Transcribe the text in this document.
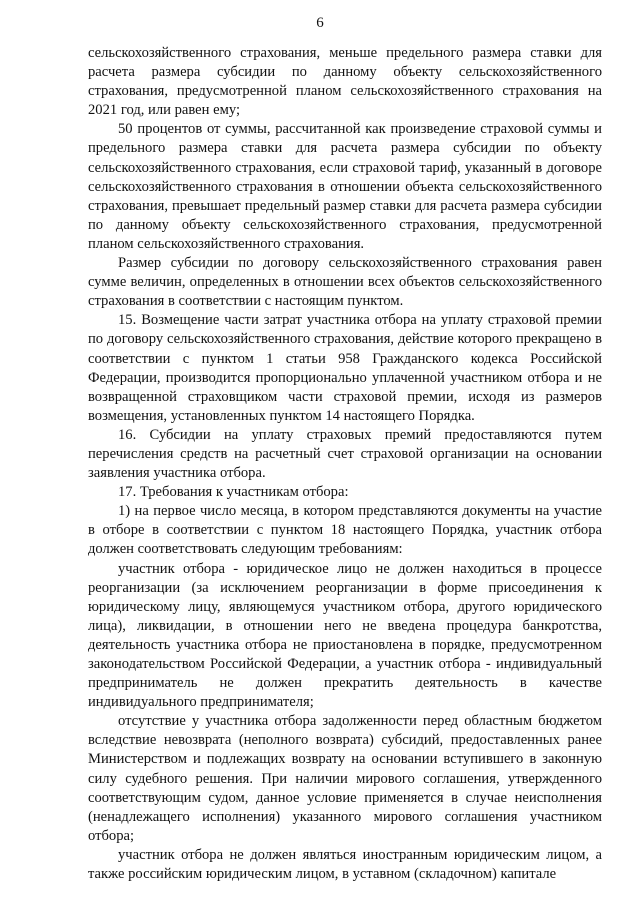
6

сельскохозяйственного страхования, меньше предельного размера ставки для расчета размера субсидии по данному объекту сельскохозяйственного страхования, предусмотренной планом сельскохозяйственного страхования на 2021 год, или равен ему;

50 процентов от суммы, рассчитанной как произведение страховой суммы и предельного размера ставки для расчета размера субсидии по объекту сельскохозяйственного страхования, если страховой тариф, указанный в договоре сельскохозяйственного страхования в отношении объекта сельскохозяйственного страхования, превышает предельный размер ставки для расчета размера субсидии по данному объекту сельскохозяйственного страхования, предусмотренной планом сельскохозяйственного страхования.

Размер субсидии по договору сельскохозяйственного страхования равен сумме величин, определенных в отношении всех объектов сельскохозяйственного страхования в соответствии с настоящим пунктом.

15. Возмещение части затрат участника отбора на уплату страховой премии по договору сельскохозяйственного страхования, действие которого прекращено в соответствии с пунктом 1 статьи 958 Гражданского кодекса Российской Федерации, производится пропорционально уплаченной участником отбора и не возвращенной страховщиком части страховой премии, исходя из размеров возмещения, установленных пунктом 14 настоящего Порядка.

16. Субсидии на уплату страховых премий предоставляются путем перечисления средств на расчетный счет страховой организации на основании заявления участника отбора.

17. Требования к участникам отбора:

1) на первое число месяца, в котором представляются документы на участие в отборе в соответствии с пунктом 18 настоящего Порядка, участник отбора должен соответствовать следующим требованиям:

участник отбора - юридическое лицо не должен находиться в процессе реорганизации (за исключением реорганизации в форме присоединения к юридическому лицу, являющемуся участником отбора, другого юридического лица), ликвидации, в отношении него не введена процедура банкротства, деятельность участника отбора не приостановлена в порядке, предусмотренном законодательством Российской Федерации, а участник отбора - индивидуальный предприниматель не должен прекратить деятельность в качестве индивидуального предпринимателя;

отсутствие у участника отбора задолженности перед областным бюджетом вследствие невозврата (неполного возврата) субсидий, предоставленных ранее Министерством и подлежащих возврату на основании вступившего в законную силу судебного решения. При наличии мирового соглашения, утвержденного соответствующим судом, данное условие применяется в случае неисполнения (ненадлежащего исполнения) указанного мирового соглашения участником отбора;

участник отбора не должен являться иностранным юридическим лицом, а также российским юридическим лицом, в уставном (складочном) капитале
